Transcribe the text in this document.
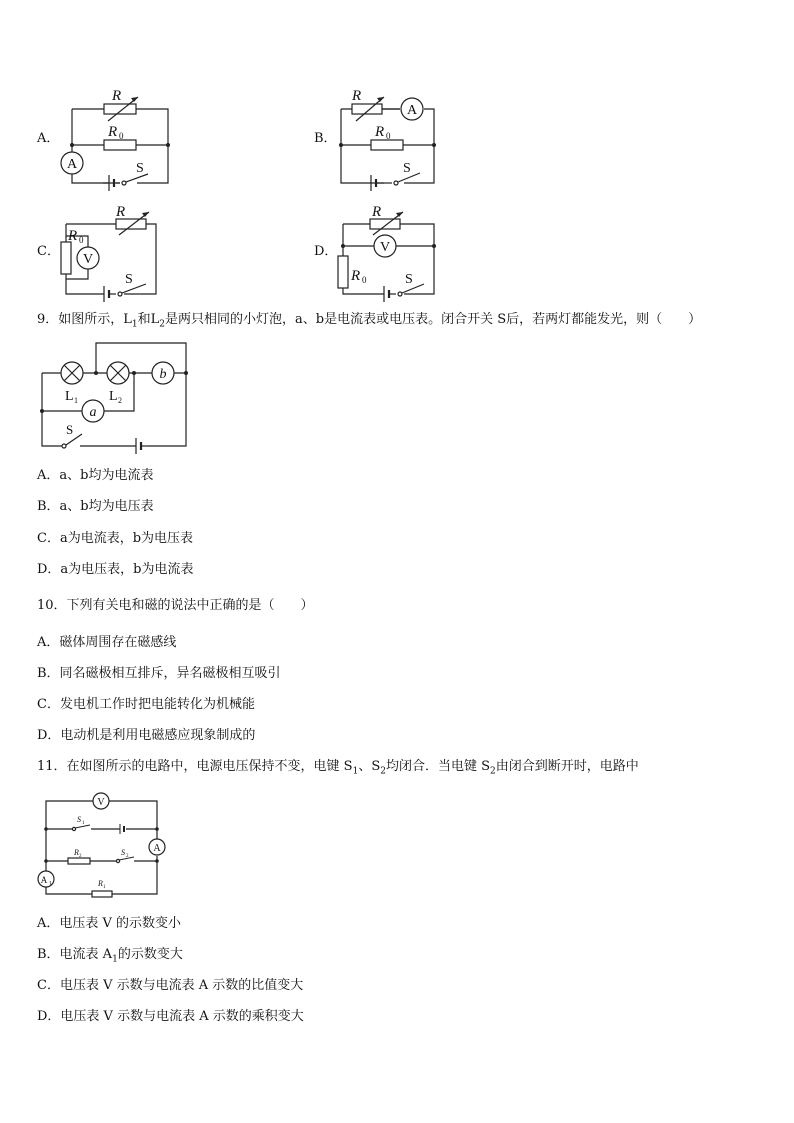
A．
A
R
R 0
S
B．
A
R
R 0
S
C．
V
R
R 0
S
D．	V
R
R 0	S
9．如图所示，$L_1$和$L_2$是两只相同的小灯泡，a、b是电流表或电压表。闭合开关 S后，若两灯都能发光，则（　　）
b
a
L 1 L 2
S
A．a、b均为电流表
B．a、b均为电压表
C．a为电流表，b为电压表
D．a为电压表，b为电流表
10．下列有关电和磁的说法中正确的是（　　）
A．磁体周围存在磁感线
B．同名磁极相互排斥，异名磁极相互吸引
C．发电机工作时把电能转化为机械能
D．电动机是利用电磁感应现象制成的
11．在如图所示的电路中，电源电压保持不变，电键 $S_1$、$S_2$均闭合．当电键 $S_2$由闭合到断开时，电路中
V
A
A 1
S 1
R 2	S 2
R 1
A．电压表 V 的示数变小
B．电流表 $A_1$的示数变大
C．电压表 V 示数与电流表 A 示数的比值变大
D．电压表 V 示数与电流表 A 示数的乘积变大
